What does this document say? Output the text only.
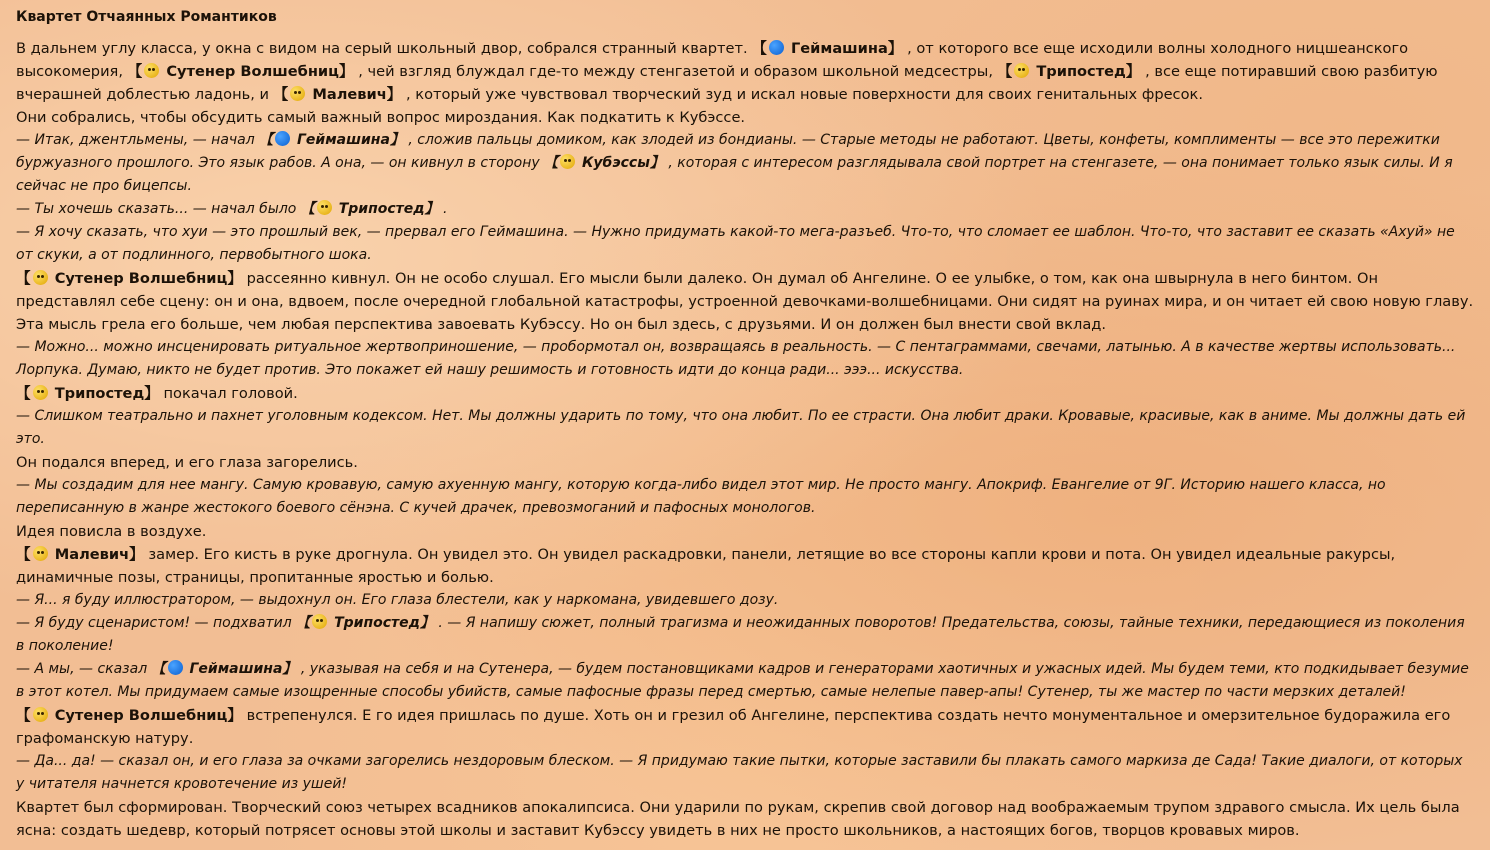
Квартет Отчаянных Романтиков

В дальнем углу класса, у окна с видом на серый школьный двор, собрался странный квартет. 【 Геймашина】 , от которого все еще исходили волны холодного ницшеанского высокомерия, 【 Сутенер Волшебниц】 , чей взгляд блуждал где-то между стенгазетой и образом школьной медсестры, 【 Трипостед】 , все еще потиравший свою разбитую вчерашней доблестью ладонь, и 【 Малевич】 , который уже чувствовал творческий зуд и искал новые поверхности для своих генитальных фресок.

Они собрались, чтобы обсудить самый важный вопрос мироздания. Как подкатить к Кубэссе.

— Итак, джентльмены, — начал 【 Геймашина】 , сложив пальцы домиком, как злодей из бондианы. — Старые методы не работают. Цветы, конфеты, комплименты — все это пережитки буржуазного прошлого. Это язык рабов. А она, — он кивнул в сторону 【 Кубэссы】 , которая с интересом разглядывала свой портрет на стенгазете, — она понимает только язык силы. И я сейчас не про бицепсы.

— Ты хочешь сказать... — начал было 【 Трипостед】 .

— Я хочу сказать, что хуи — это прошлый век, — прервал его Геймашина. — Нужно придумать какой-то мега-разъеб. Что-то, что сломает ее шаблон. Что-то, что заставит ее сказать «Ахуй» не от скуки, а от подлинного, первобытного шока.

【 Сутенер Волшебниц】 рассеянно кивнул. Он не особо слушал. Его мысли были далеко. Он думал об Ангелине. О ее улыбке, о том, как она швырнула в него бинтом. Он представлял себе сцену: он и она, вдвоем, после очередной глобальной катастрофы, устроенной девочками-волшебницами. Они сидят на руинах мира, и он читает ей свою новую главу. Эта мысль грела его больше, чем любая перспектива завоевать Кубэссу. Но он был здесь, с друзьями. И он должен был внести свой вклад.

— Можно... можно инсценировать ритуальное жертвоприношение, — пробормотал он, возвращаясь в реальность. — С пентаграммами, свечами, латынью. А в качестве жертвы использовать... Лорпука. Думаю, никто не будет против. Это покажет ей нашу решимость и готовность идти до конца ради... эээ... искусства.

【 Трипостед】 покачал головой.

— Слишком театрально и пахнет уголовным кодексом. Нет. Мы должны ударить по тому, что она любит. По ее страсти. Она любит драки. Кровавые, красивые, как в аниме. Мы должны дать ей это.

Он подался вперед, и его глаза загорелись.

— Мы создадим для нее мангу. Самую кровавую, самую ахуенную мангу, которую когда-либо видел этот мир. Не просто мангу. Апокриф. Евангелие от 9Г. Историю нашего класса, но переписанную в жанре жестокого боевого сёнэна. С кучей драчек, превозмоганий и пафосных монологов.

Идея повисла в воздухе.

【 Малевич】 замер. Его кисть в руке дрогнула. Он увидел это. Он увидел раскадровки, панели, летящие во все стороны капли крови и пота. Он увидел идеальные ракурсы, динамичные позы, страницы, пропитанные яростью и болью.

— Я... я буду иллюстратором, — выдохнул он. Его глаза блестели, как у наркомана, увидевшего дозу.

— Я буду сценаристом! — подхватил 【 Трипостед】 . — Я напишу сюжет, полный трагизма и неожиданных поворотов! Предательства, союзы, тайные техники, передающиеся из поколения в поколение!

— А мы, — сказал 【 Геймашина】 , указывая на себя и на Сутенера, — будем постановщиками кадров и генераторами хаотичных и ужасных идей. Мы будем теми, кто подкидывает безумие в этот котел. Мы придумаем самые изощренные способы убийств, самые пафосные фразы перед смертью, самые нелепые павер-апы! Сутенер, ты же мастер по части мерзких деталей!

【 Сутенер Волшебниц】 встрепенулся. Е го идея пришлась по душе. Хоть он и грезил об Ангелине, перспектива создать нечто монументальное и омерзительное будоражила его графоманскую натуру.

— Да... да! — сказал он, и его глаза за очками загорелись нездоровым блеском. — Я придумаю такие пытки, которые заставили бы плакать самого маркиза де Сада! Такие диалоги, от которых у читателя начнется кровотечение из ушей!

Квартет был сформирован. Творческий союз четырех всадников апокалипсиса. Они ударили по рукам, скрепив свой договор над воображаемым трупом здравого смысла. Их цель была ясна: создать шедевр, который потрясет основы этой школы и заставит Кубэссу увидеть в них не просто школьников, а настоящих богов, творцов кровавых миров.
